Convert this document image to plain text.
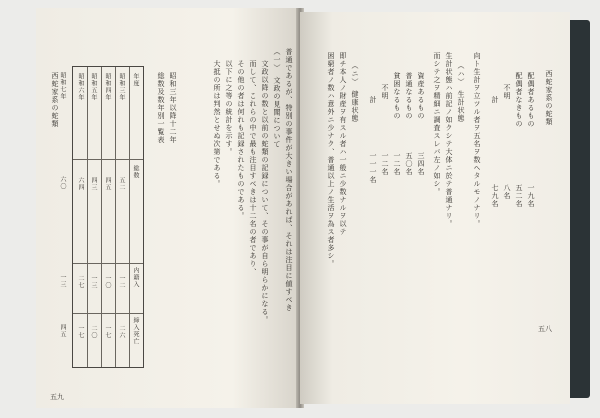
西蛇家系の蛇類	年度
総数
内籍入
締入死亡
昭和三年
五二
一二
二六
昭和四年
四五
一〇
一七
昭和五年
四三
一三
二〇
昭和六年
六四
二七
一七
昭和七年
六〇
一三
四五
総数及数年別一覧表 昭和三年以降十二年	普通であるが、特別の事件が大きい場合があれば、それは注目に値すべき
（一）　文政の見聞について
文政以降の数と以前の蛇類の記録について、その事が自ら明らかになる。
而して、これらの中で最も注目すべきは十二名の者であり、
その他の者は何れも記録されたものである。
以下に之等の統計を示す。
大抵の所は判然とせぬ次第である。
五九
西蛇家系の蛇類
配偶者あるもの
一九名
配偶者なきもの
五二名
不明
八名
計
七九名
向ト生計ヲ立ツル者ヲ五名ヲ数ヘタルモノナリ。
（ハ）　生計状態
生計状態ハ前記ノ如クシテ大体ニ於テ普通ナリ。
而シテ之ヲ精細ニ調査スレバ左ノ如シ。
資産あるもの
三四名
普通なるもの
五〇名
貧困なるもの
一二名
不明
一二名
計
一一一名
（ニ）　健康状態
即チ本人ノ財産ヲ有スル者ハ一般ニ少数ナルヲ以テ
困窮者ノ数ハ意外ニ少ナク、普通以上ノ生活ヲ為ス者多シ。
五八
